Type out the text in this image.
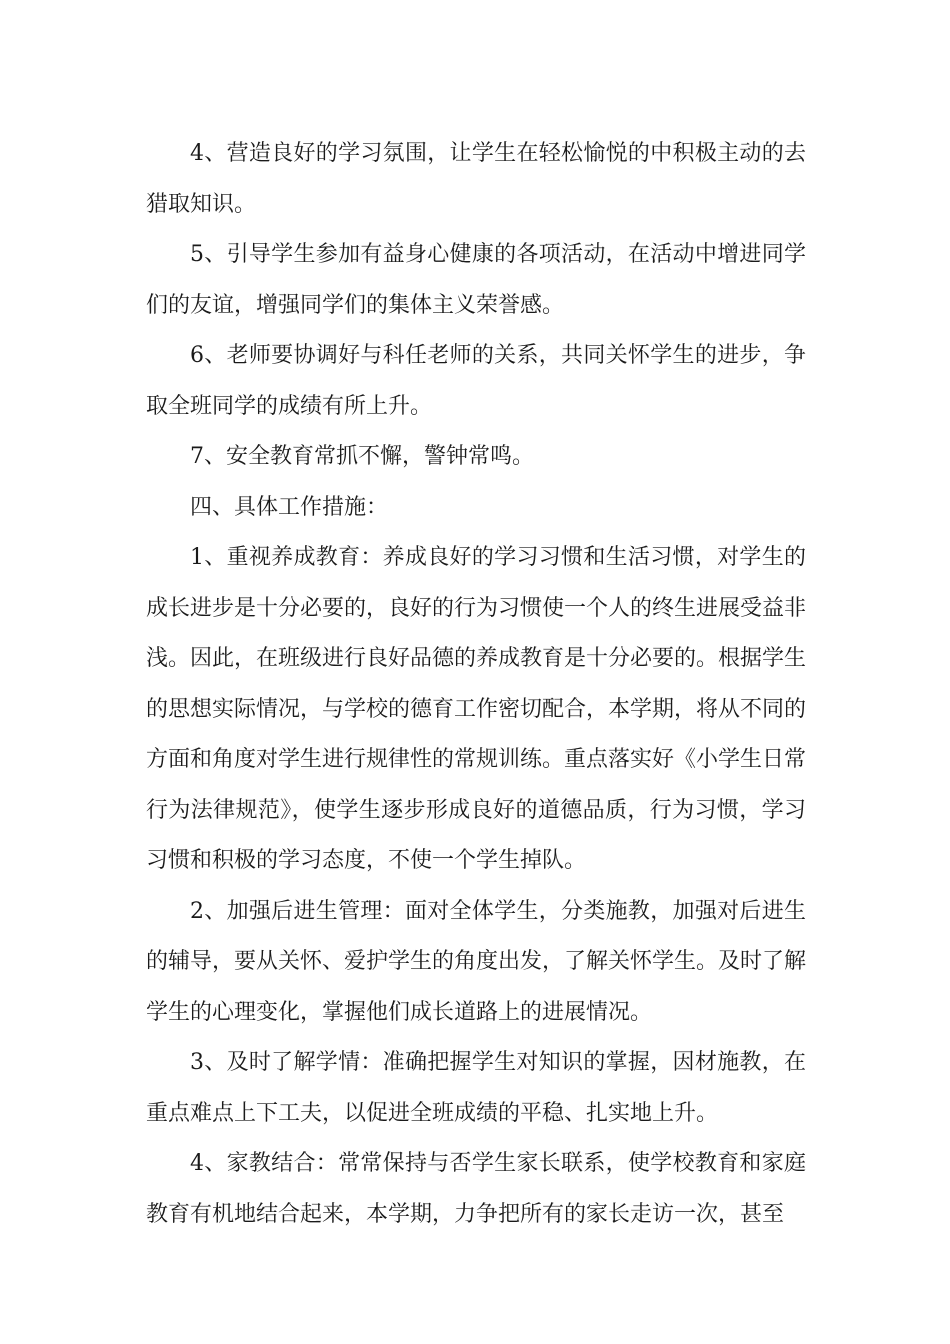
4、营造良好的学习氛围，让学生在轻松愉悦的中积极主动的去猎取知识。

5、引导学生参加有益身心健康的各项活动，在活动中增进同学们的友谊，增强同学们的集体主义荣誉感。

6、老师要协调好与科任老师的关系，共同关怀学生的进步，争取全班同学的成绩有所上升。

7、安全教育常抓不懈，警钟常鸣。

四、具体工作措施：

1、重视养成教育：养成良好的学习习惯和生活习惯，对学生的成长进步是十分必要的，良好的行为习惯使一个人的终生进展受益非浅。因此，在班级进行良好品德的养成教育是十分必要的。根据学生的思想实际情况，与学校的德育工作密切配合，本学期，将从不同的方面和角度对学生进行规律性的常规训练。重点落实好《小学生日常行为法律规范》，使学生逐步形成良好的道德品质，行为习惯，学习习惯和积极的学习态度，不使一个学生掉队。

2、加强后进生管理：面对全体学生，分类施教，加强对后进生的辅导，要从关怀、爱护学生的角度出发，了解关怀学生。及时了解学生的心理变化，掌握他们成长道路上的进展情况。

3、及时了解学情：准确把握学生对知识的掌握，因材施教，在重点难点上下工夫，以促进全班成绩的平稳、扎实地上升。

4、家教结合：常常保持与否学生家长联系，使学校教育和家庭教育有机地结合起来，本学期，力争把所有的家长走访一次，甚至
